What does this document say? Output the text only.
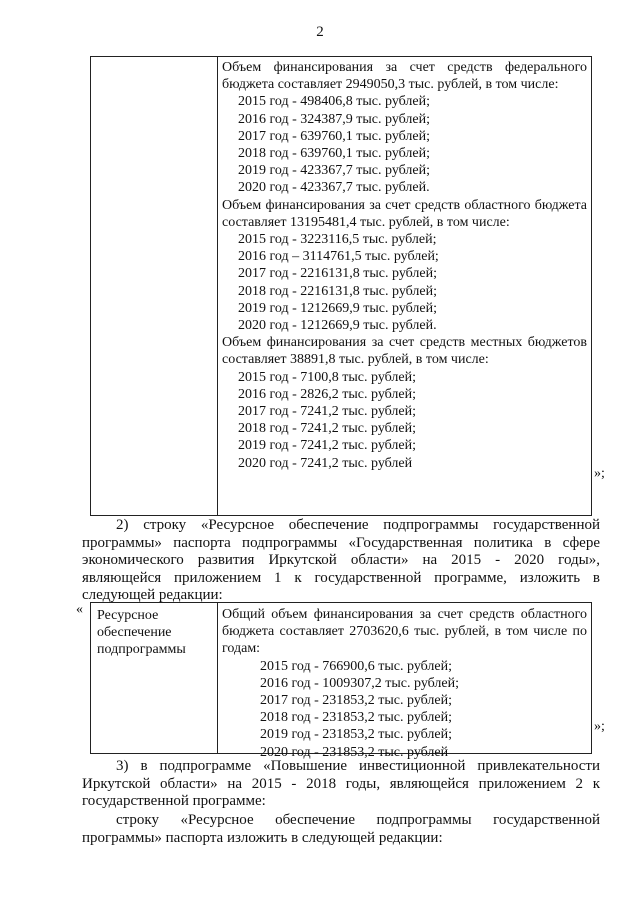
2
Объем финансирования за счет средств федерального бюджета составляет 2949050,3 тыс. рублей, в том числе:
2015 год - 498406,8 тыс. рублей;
2016 год - 324387,9 тыс. рублей;
2017 год - 639760,1 тыс. рублей;
2018 год - 639760,1 тыс. рублей;
2019 год - 423367,7 тыс. рублей;
2020 год - 423367,7 тыс. рублей.
Объем финансирования за счет средств областного бюджета составляет 13195481,4 тыс. рублей, в том числе:
2015 год - 3223116,5 тыс. рублей;
2016 год – 3114761,5 тыс. рублей;
2017 год - 2216131,8 тыс. рублей;
2018 год - 2216131,8 тыс. рублей;
2019 год - 1212669,9 тыс. рублей;
2020 год - 1212669,9 тыс. рублей.
Объем финансирования за счет средств местных бюджетов составляет 38891,8 тыс. рублей, в том числе:
2015 год - 7100,8 тыс. рублей;
2016 год - 2826,2 тыс. рублей;
2017 год - 7241,2 тыс. рублей;
2018 год - 7241,2 тыс. рублей;
2019 год - 7241,2 тыс. рублей;
2020 год - 7241,2 тыс. рублей
»;

2) строку «Ресурсное обеспечение подпрограммы государственной программы» паспорта подпрограммы «Государственная политика в сфере экономического развития Иркутской области» на 2015 - 2020 годы», являющейся приложением 1 к государственной программе, изложить в следующей редакции:

«	Ресурсное обеспечение подпрограммы
Общий объем финансирования за счет средств областного бюджета составляет 2703620,6 тыс. рублей, в том числе по годам:
2015 год - 766900,6 тыс. рублей;
2016 год - 1009307,2 тыс. рублей;
2017 год - 231853,2 тыс. рублей;
2018 год - 231853,2 тыс. рублей;
2019 год - 231853,2 тыс. рублей;
2020 год - 231853,2 тыс. рублей
»;

3) в подпрограмме «Повышение инвестиционной привлекательности Иркутской области» на 2015 - 2018 годы, являющейся приложением 2 к государственной программе:

строку «Ресурсное обеспечение подпрограммы государственной программы» паспорта изложить в следующей редакции:
